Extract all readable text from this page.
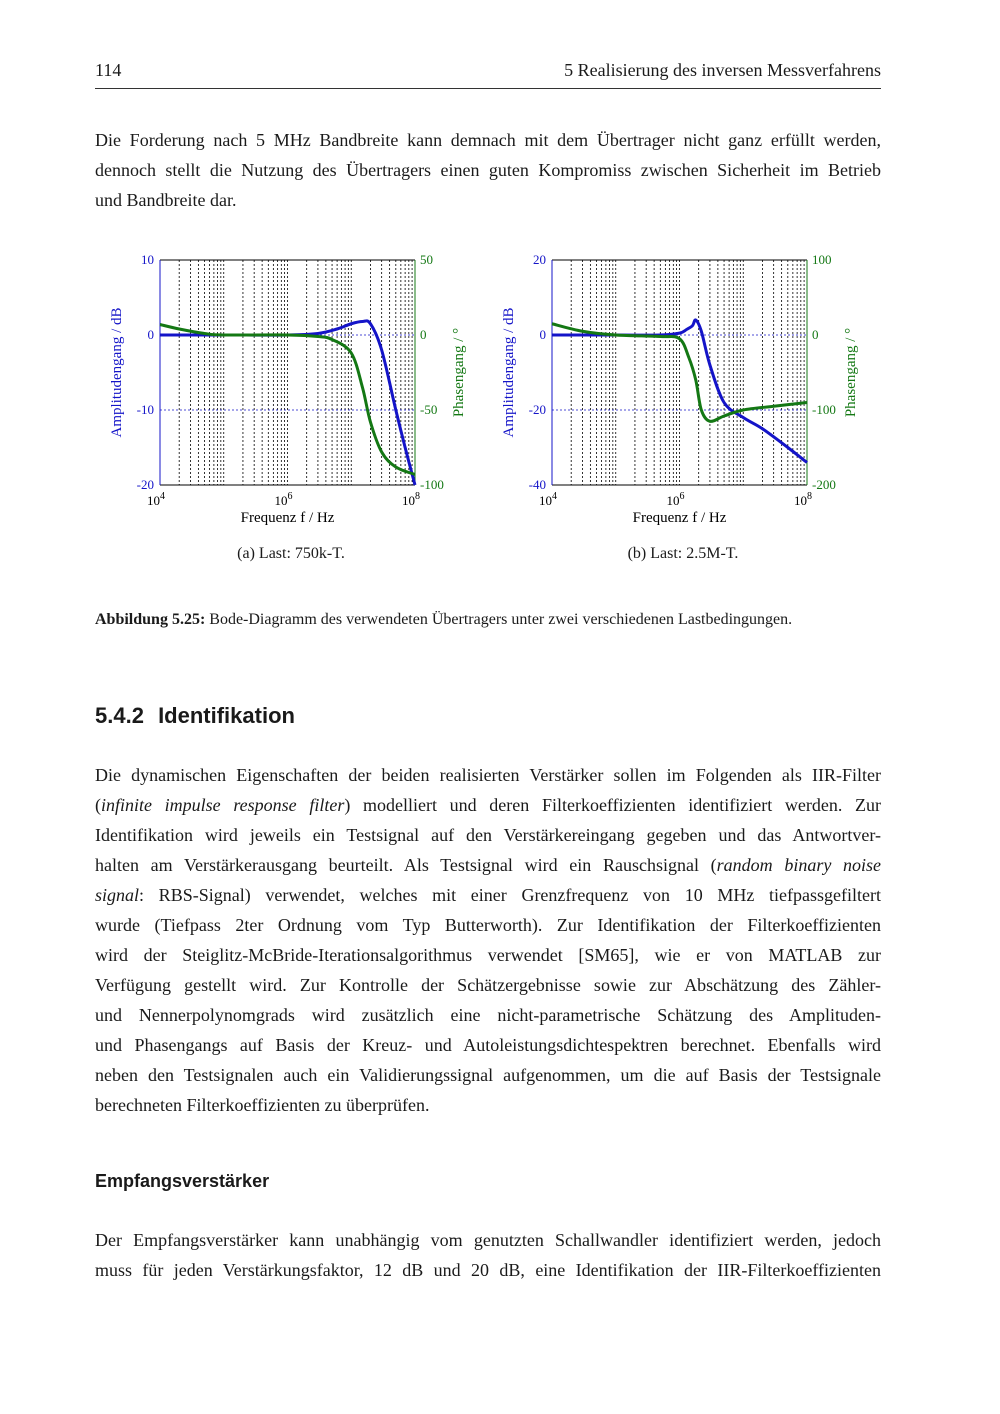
114	5 Realisierung des inversen Messverfahrens
Die Forderung nach 5 MHz Bandbreite kann demnach mit dem Übertrager nicht ganz erfüllt werden,
dennoch stellt die Nutzung des Übertragers einen guten Kompromiss zwischen Sicherheit im Betrieb
und Bandbreite dar.
10
0
-10
-20
50
0
-50
-100
$10^4$	$10^6$	$10^8$
Frequenz f / Hz
Amplitudengang / dB	Phasengang / °
(a) Last: 750k-T.
20
0
-20
-40
100
0
-100
-200
$10^4$	$10^6$	$10^8$
Frequenz f / Hz
Amplitudengang / dB	Phasengang / °
(b) Last: 2.5M-T.
Abbildung 5.25: Bode-Diagramm des verwendeten Übertragers unter zwei verschiedenen Lastbedingungen.
5.4.2 Identifikation
Die dynamischen Eigenschaften der beiden realisierten Verstärker sollen im Folgenden als IIR-Filter
(infinite impulse response filter) modelliert und deren Filterkoeffizienten identifiziert werden. Zur
Identifikation wird jeweils ein Testsignal auf den Verstärkereingang gegeben und das Antwortver-
halten am Verstärkerausgang beurteilt. Als Testsignal wird ein Rauschsignal (random binary noise
signal: RBS-Signal) verwendet, welches mit einer Grenzfrequenz von 10 MHz tiefpassgefiltert
wurde (Tiefpass 2ter Ordnung vom Typ Butterworth). Zur Identifikation der Filterkoeffizienten
wird der Steiglitz-McBride-Iterationsalgorithmus verwendet [SM65], wie er von MATLAB zur
Verfügung gestellt wird. Zur Kontrolle der Schätzergebnisse sowie zur Abschätzung des Zähler-
und Nennerpolynomgrads wird zusätzlich eine nicht-parametrische Schätzung des Amplituden-
und Phasengangs auf Basis der Kreuz- und Autoleistungsdichtespektren berechnet. Ebenfalls wird
neben den Testsignalen auch ein Validierungssignal aufgenommen, um die auf Basis der Testsignale
berechneten Filterkoeffizienten zu überprüfen.
Empfangsverstärker
Der Empfangsverstärker kann unabhängig vom genutzten Schallwandler identifiziert werden, jedoch
muss für jeden Verstärkungsfaktor, 12 dB und 20 dB, eine Identifikation der IIR-Filterkoeffizienten
